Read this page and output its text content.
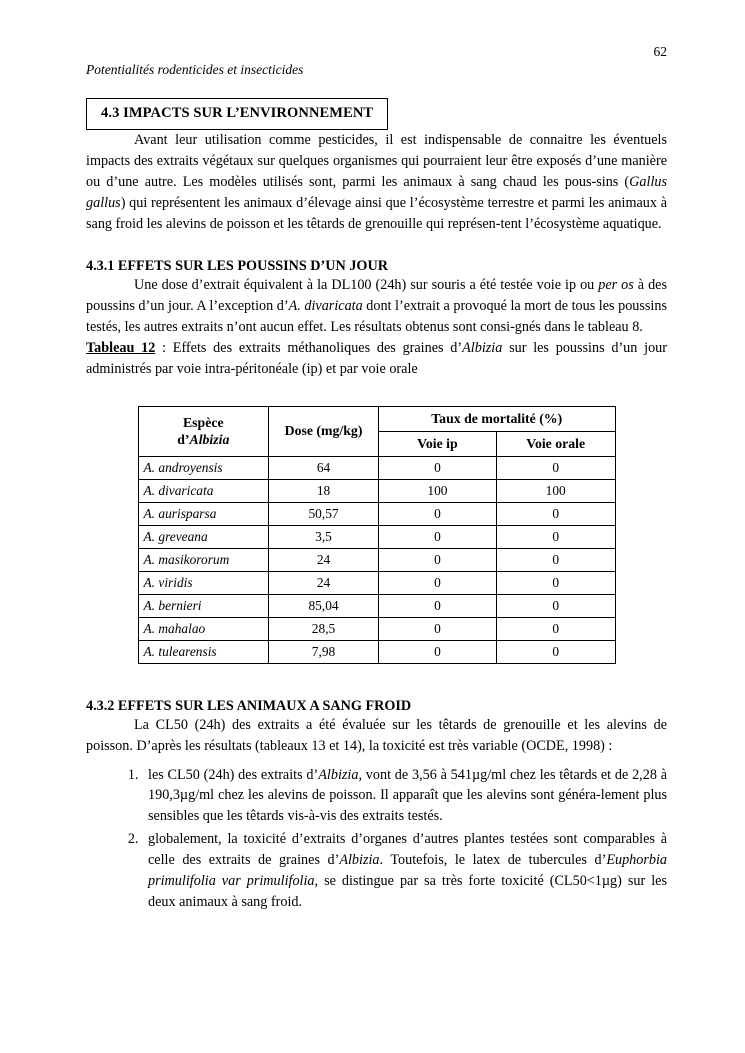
62
Potentialités rodenticides et insecticides
4.3 IMPACTS SUR L’ENVIRONNEMENT

Avant leur utilisation comme pesticides, il est indispensable de connaitre les éventuels impacts des extraits végétaux sur quelques organismes qui pourraient leur être exposés d’une manière ou d’une autre. Les modèles utilisés sont, parmi les animaux à sang chaud les pous-sins (Gallus gallus) qui représentent les animaux d’élevage ainsi que l’écosystème terrestre et parmi les animaux à sang froid les alevins de poisson et les têtards de grenouille qui représen-tent l’écosystème aquatique.

4.3.1 EFFETS SUR LES POUSSINS D’UN JOUR

Une dose d’extrait équivalent à la DL100 (24h) sur souris a été testée voie ip ou per os à des poussins d’un jour. A l’exception d’A. divaricata dont l’extrait a provoqué la mort de tous les poussins testés, les autres extraits n’ont aucun effet. Les résultats obtenus sont consi-gnés dans le tableau 8.

Tableau 12 : Effets des extraits méthanoliques des graines d’Albizia sur les poussins d’un jour administrés par voie intra-péritonéale (ip) et par voie orale

Espèce
d’Albizia	Dose (mg/kg)	Taux de mortalité (%)	
		Voie ip	Voie orale
A. androyensis	64	0	0
A. divaricata	18	100	100
A. aurisparsa	50,57	0	0
A. greveana	3,5	0	0
A. masikororum	24	0	0
A. viridis	24	0	0
A. bernieri	85,04	0	0
A. mahalao	28,5	0	0
A. tulearensis	7,98	0	0

4.3.2 EFFETS SUR LES ANIMAUX A SANG FROID

La CL50 (24h) des extraits a été évaluée sur les têtards de grenouille et les alevins de poisson. D’après les résultats (tableaux 13 et 14), la toxicité est très variable (OCDE, 1998) :

1. les CL50 (24h) des extraits d’Albizia, vont de 3,56 à 541µg/ml chez les têtards et de 2,28 à 190,3µg/ml chez les alevins de poisson. Il apparaît que les alevins sont généra-lement plus sensibles que les têtards vis-à-vis des extraits testés.
2. globalement, la toxicité d’extraits d’organes d’autres plantes testées sont comparables à celle des extraits de graines d’Albizia. Toutefois, le latex de tubercules d’Euphorbia primulifolia var primulifolia, se distingue par sa très forte toxicité (CL50<1µg) sur les deux animaux à sang froid.
